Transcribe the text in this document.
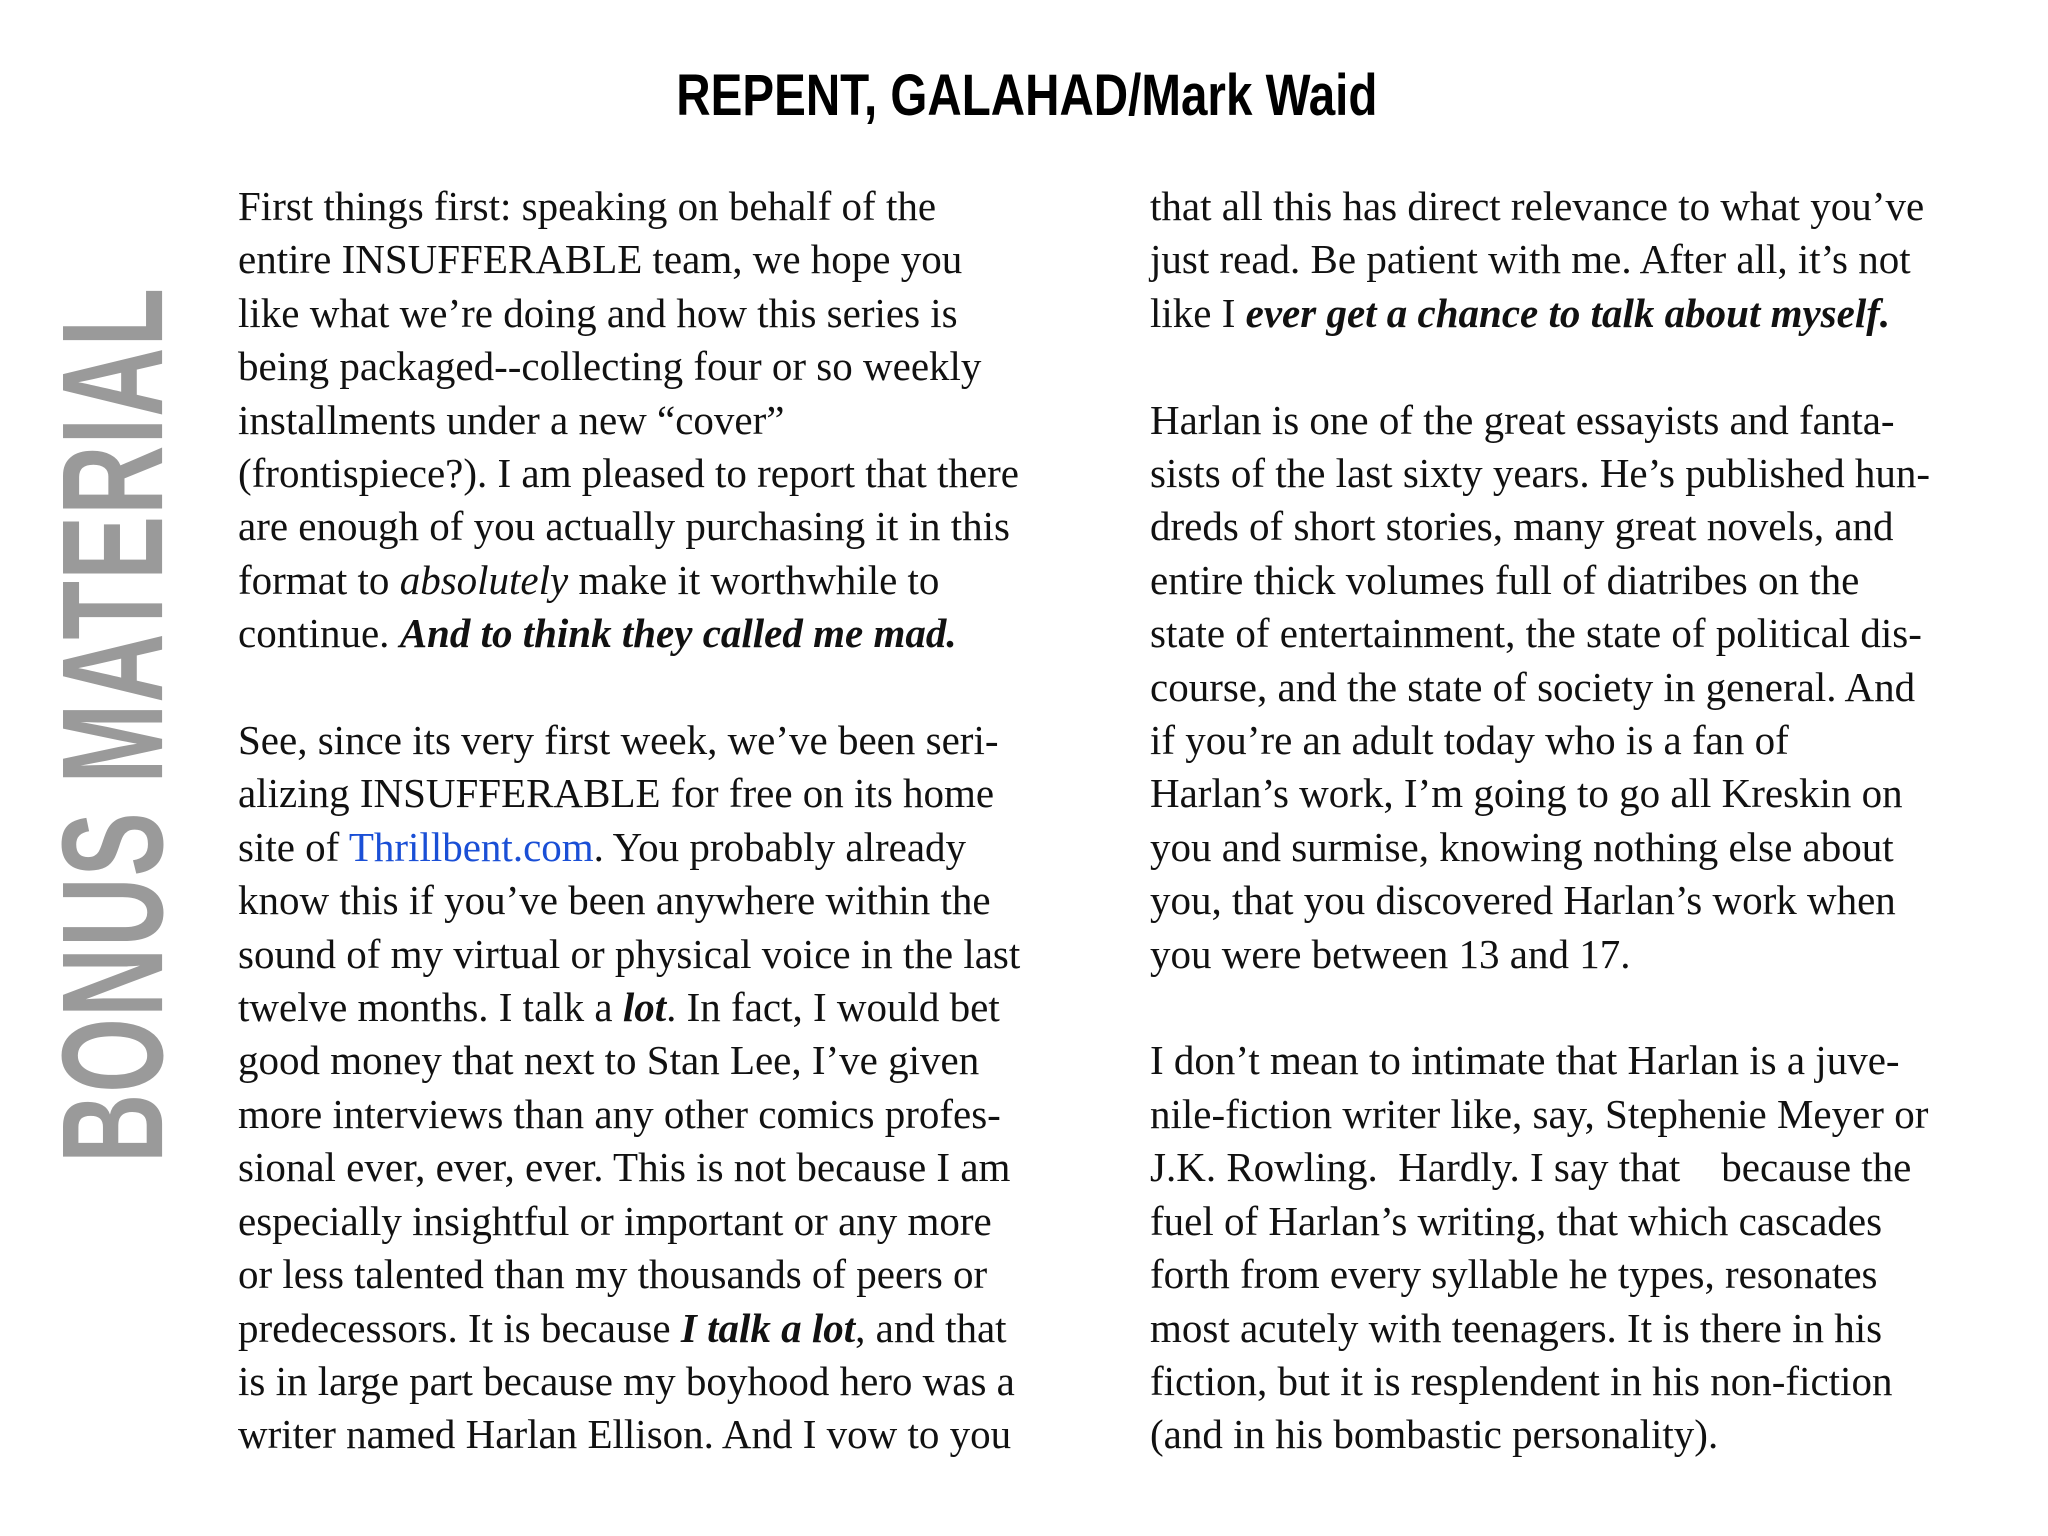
BONUS MATERIAL
REPENT, GALAHAD/Mark Waid

First things first: speaking on behalf of the
entire INSUFFERABLE team, we hope you
like what we’re doing and how this series is
being packaged--collecting four or so weekly
installments under a new “cover”
(frontispiece?). I am pleased to report that there
are enough of you actually purchasing it in this
format to absolutely make it worthwhile to
continue. And to think they called me mad.

See, since its very first week, we’ve been seri-
alizing INSUFFERABLE for free on its home
site of Thrillbent.com. You probably already
know this if you’ve been anywhere within the
sound of my virtual or physical voice in the last
twelve months. I talk a lot. In fact, I would bet
good money that next to Stan Lee, I’ve given
more interviews than any other comics profes-
sional ever, ever, ever. This is not because I am
especially insightful or important or any more
or less talented than my thousands of peers or
predecessors. It is because I talk a lot, and that
is in large part because my boyhood hero was a
writer named Harlan Ellison. And I vow to you

that all this has direct relevance to what you’ve
just read. Be patient with me. After all, it’s not
like I ever get a chance to talk about myself.

Harlan is one of the great essayists and fanta-
sists of the last sixty years. He’s published hun-
dreds of short stories, many great novels, and
entire thick volumes full of diatribes on the
state of entertainment, the state of political dis-
course, and the state of society in general. And
if you’re an adult today who is a fan of
Harlan’s work, I’m going to go all Kreskin on
you and surmise, knowing nothing else about
you, that you discovered Harlan’s work when
you were between 13 and 17.

I don’t mean to intimate that Harlan is a juve-
nile-fiction writer like, say, Stephenie Meyer or
J.K. Rowling.  Hardly. I say that    because the
fuel of Harlan’s writing, that which cascades
forth from every syllable he types, resonates
most acutely with teenagers. It is there in his
fiction, but it is resplendent in his non-fiction
(and in his bombastic personality).
